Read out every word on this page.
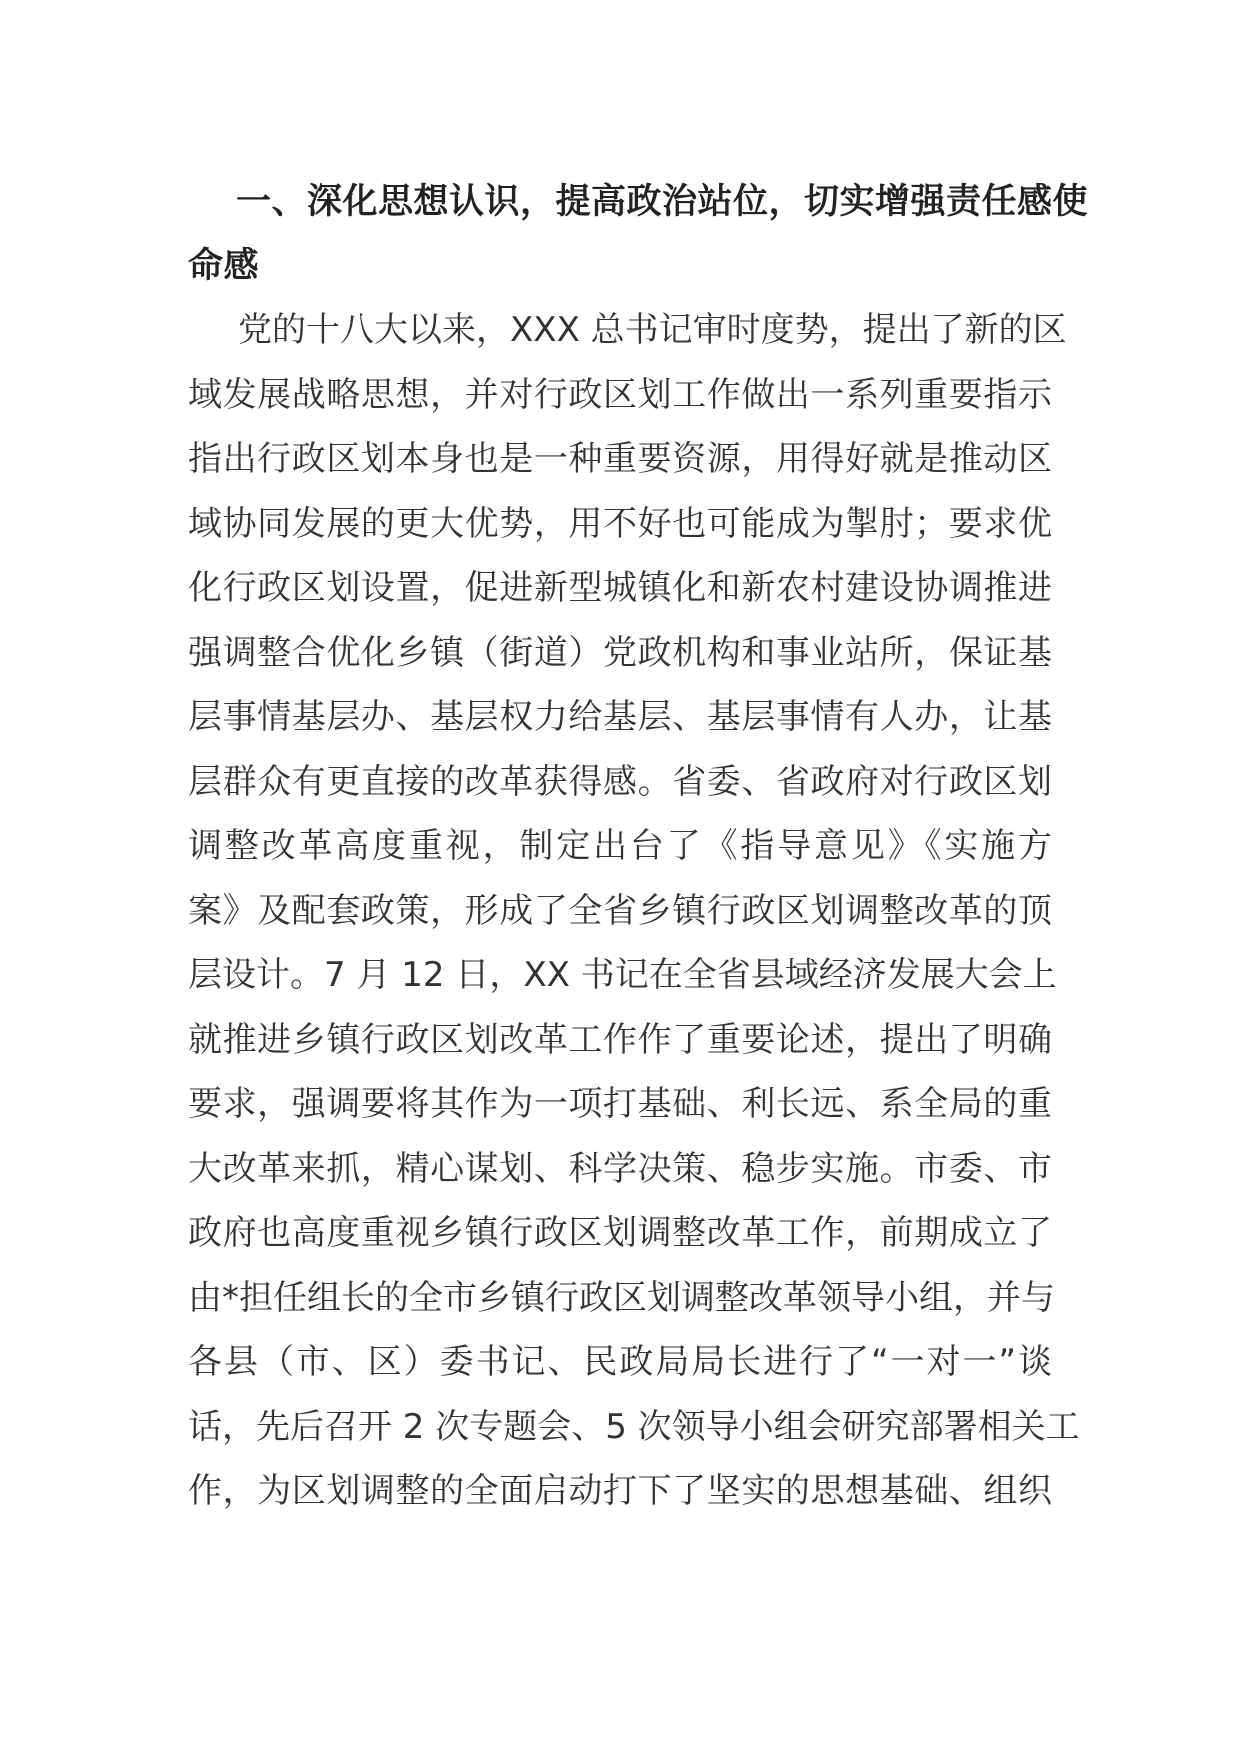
一、深化思想认识，提高政治站位，切实增强责任感使
命感

党的十八大以来，XXX 总书记审时度势，提出了新的区
域发展战略思想，并对行政区划工作做出一系列重要指示
指出行政区划本身也是一种重要资源，用得好就是推动区
域协同发展的更大优势，用不好也可能成为掣肘；要求优
化行政区划设置，促进新型城镇化和新农村建设协调推进
强调整合优化乡镇（街道）党政机构和事业站所，保证基
层事情基层办、基层权力给基层、基层事情有人办，让基
层群众有更直接的改革获得感。省委、省政府对行政区划
调整改革高度重视，制定出台了《指导意见》《实施方
案》及配套政策，形成了全省乡镇行政区划调整改革的顶
层设计。7 月 12 日，XX 书记在全省县域经济发展大会上
就推进乡镇行政区划改革工作作了重要论述，提出了明确
要求，强调要将其作为一项打基础、利长远、系全局的重
大改革来抓，精心谋划、科学决策、稳步实施。市委、市
政府也高度重视乡镇行政区划调整改革工作，前期成立了
由*担任组长的全市乡镇行政区划调整改革领导小组，并与
各县（市、区）委书记、民政局局长进行了“一对一”谈
话，先后召开 2 次专题会、5 次领导小组会研究部署相关工
作，为区划调整的全面启动打下了坚实的思想基础、组织
